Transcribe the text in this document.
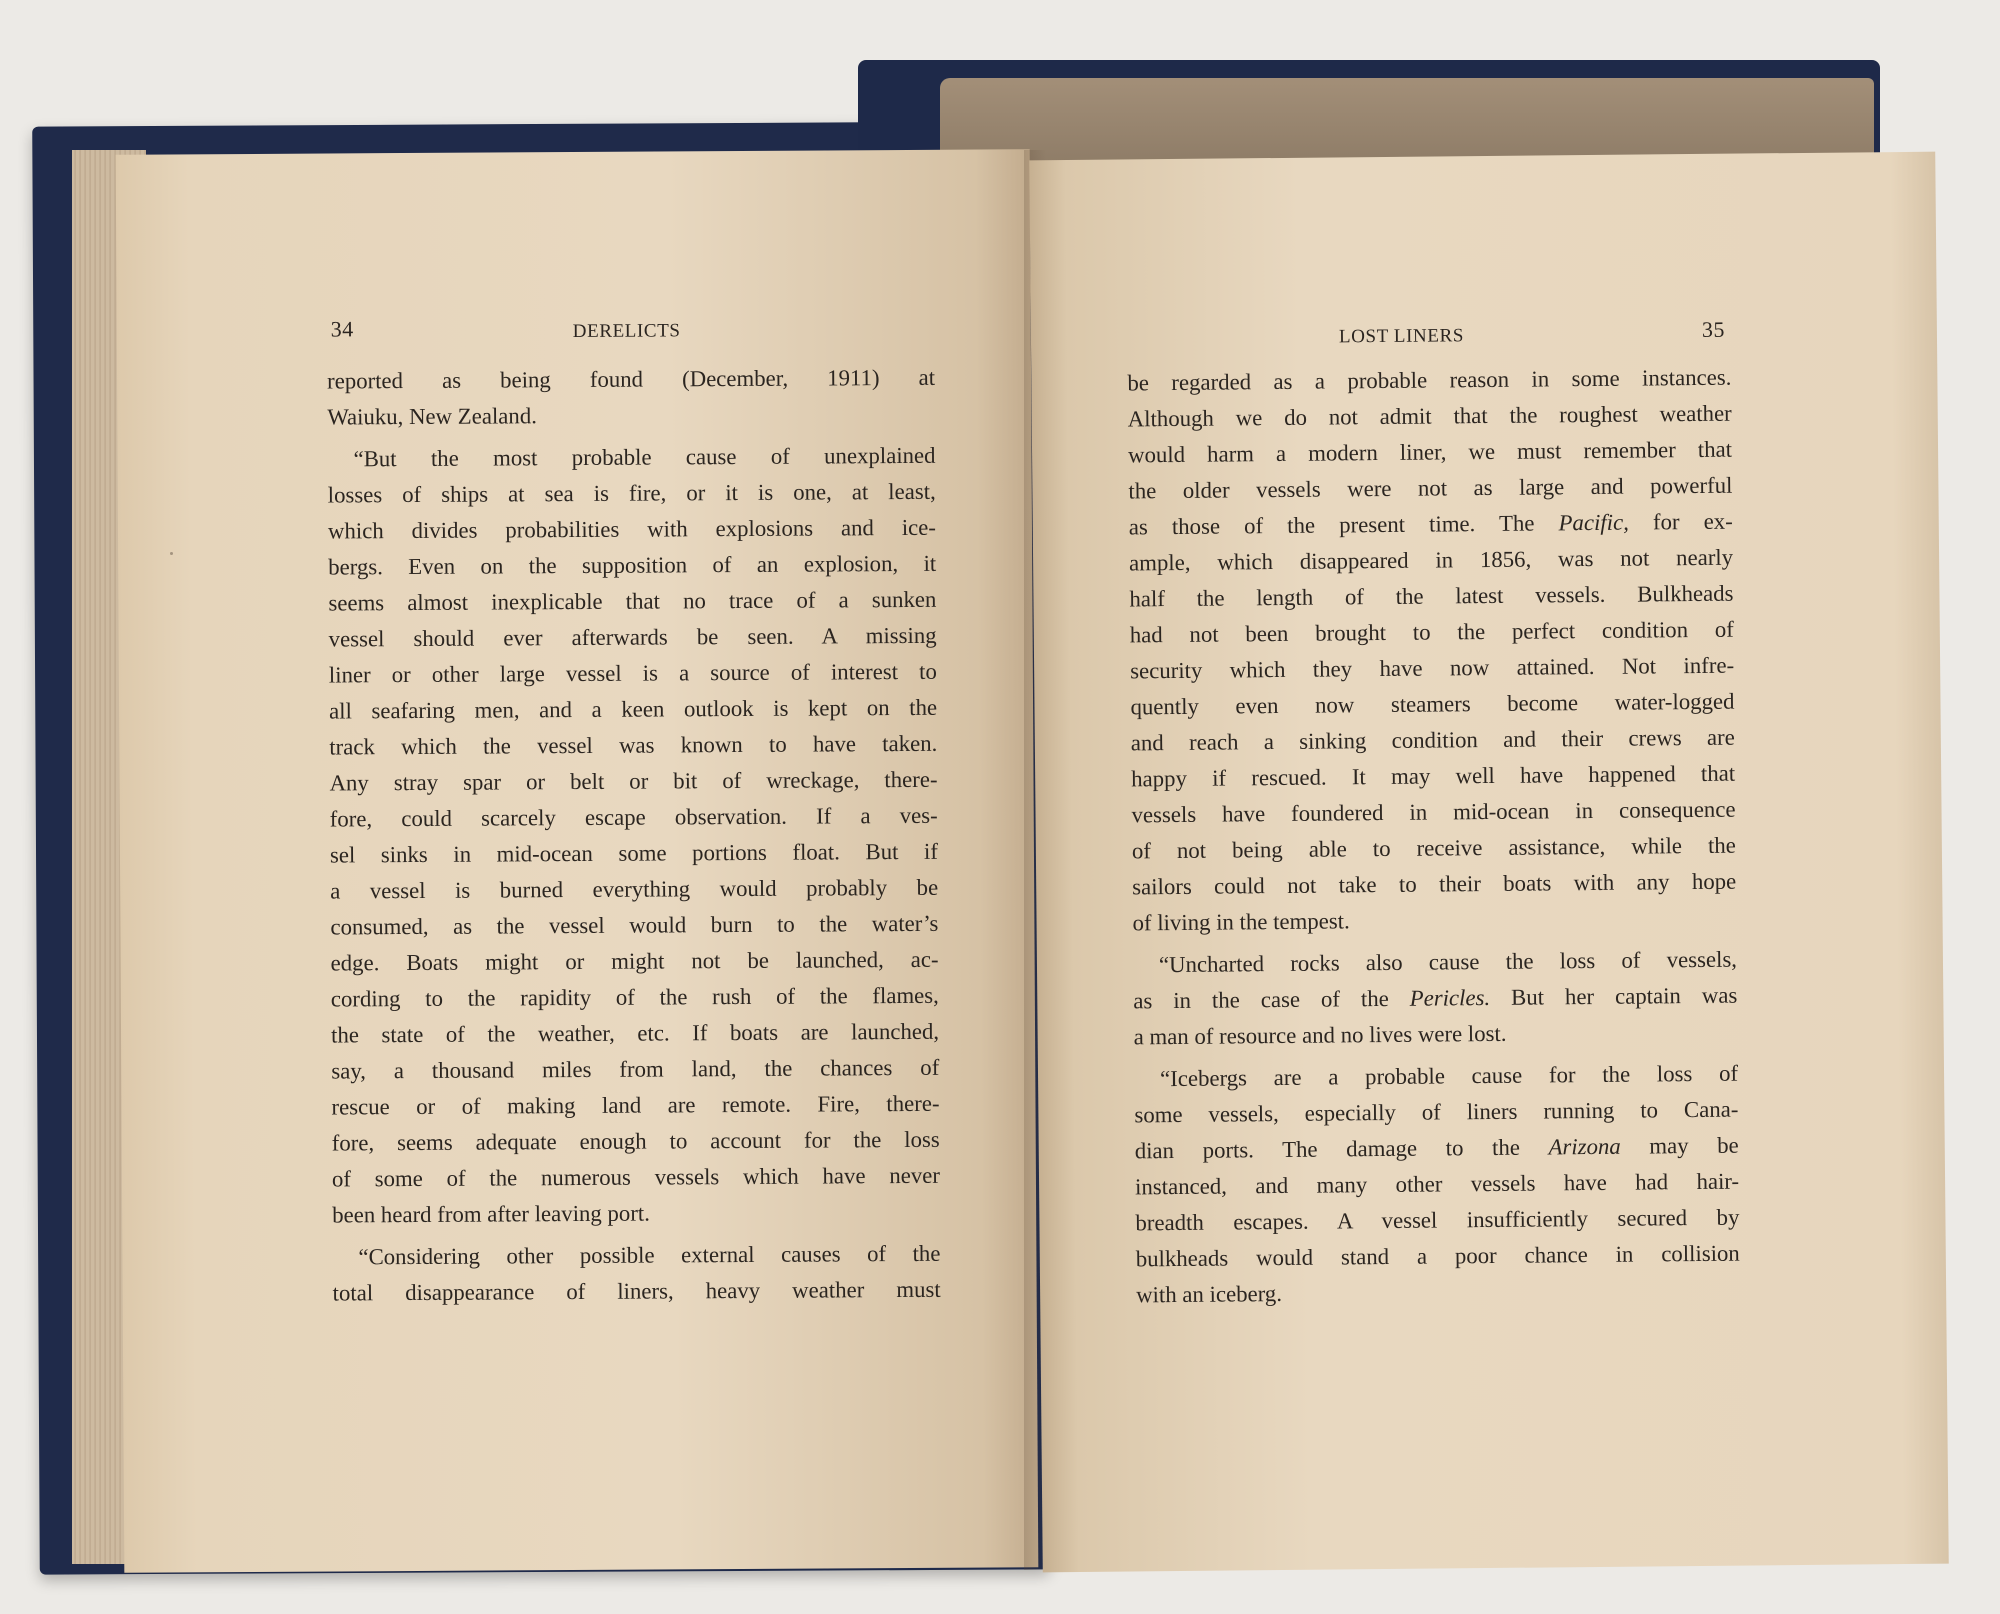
34	DERELICTS
reported as being found (December, 1911) at
Waiuku, New Zealand.
“But the most probable cause of unexplained
losses of ships at sea is fire, or it is one, at least,
which divides probabilities with explosions and ice-
bergs. Even on the supposition of an explosion, it
seems almost inexplicable that no trace of a sunken
vessel should ever afterwards be seen. A missing
liner or other large vessel is a source of interest to
all seafaring men, and a keen outlook is kept on the
track which the vessel was known to have taken.
Any stray spar or belt or bit of wreckage, there-
fore, could scarcely escape observation. If a ves-
sel sinks in mid-ocean some portions float. But if
a vessel is burned everything would probably be
consumed, as the vessel would burn to the water’s
edge. Boats might or might not be launched, ac-
cording to the rapidity of the rush of the flames,
the state of the weather, etc. If boats are launched,
say, a thousand miles from land, the chances of
rescue or of making land are remote. Fire, there-
fore, seems adequate enough to account for the loss
of some of the numerous vessels which have never
been heard from after leaving port.
“Considering other possible external causes of the
total disappearance of liners, heavy weather must
LOST LINERS	35
be regarded as a probable reason in some instances.
Although we do not admit that the roughest weather
would harm a modern liner, we must remember that
the older vessels were not as large and powerful
as those of the present time. The Pacific, for ex-
ample, which disappeared in 1856, was not nearly
half the length of the latest vessels. Bulkheads
had not been brought to the perfect condition of
security which they have now attained. Not infre-
quently even now steamers become water-logged
and reach a sinking condition and their crews are
happy if rescued. It may well have happened that
vessels have foundered in mid-ocean in consequence
of not being able to receive assistance, while the
sailors could not take to their boats with any hope
of living in the tempest.
“Uncharted rocks also cause the loss of vessels,
as in the case of the Pericles. But her captain was
a man of resource and no lives were lost.
“Icebergs are a probable cause for the loss of
some vessels, especially of liners running to Cana-
dian ports. The damage to the Arizona may be
instanced, and many other vessels have had hair-
breadth escapes. A vessel insufficiently secured by
bulkheads would stand a poor chance in collision
with an iceberg.
